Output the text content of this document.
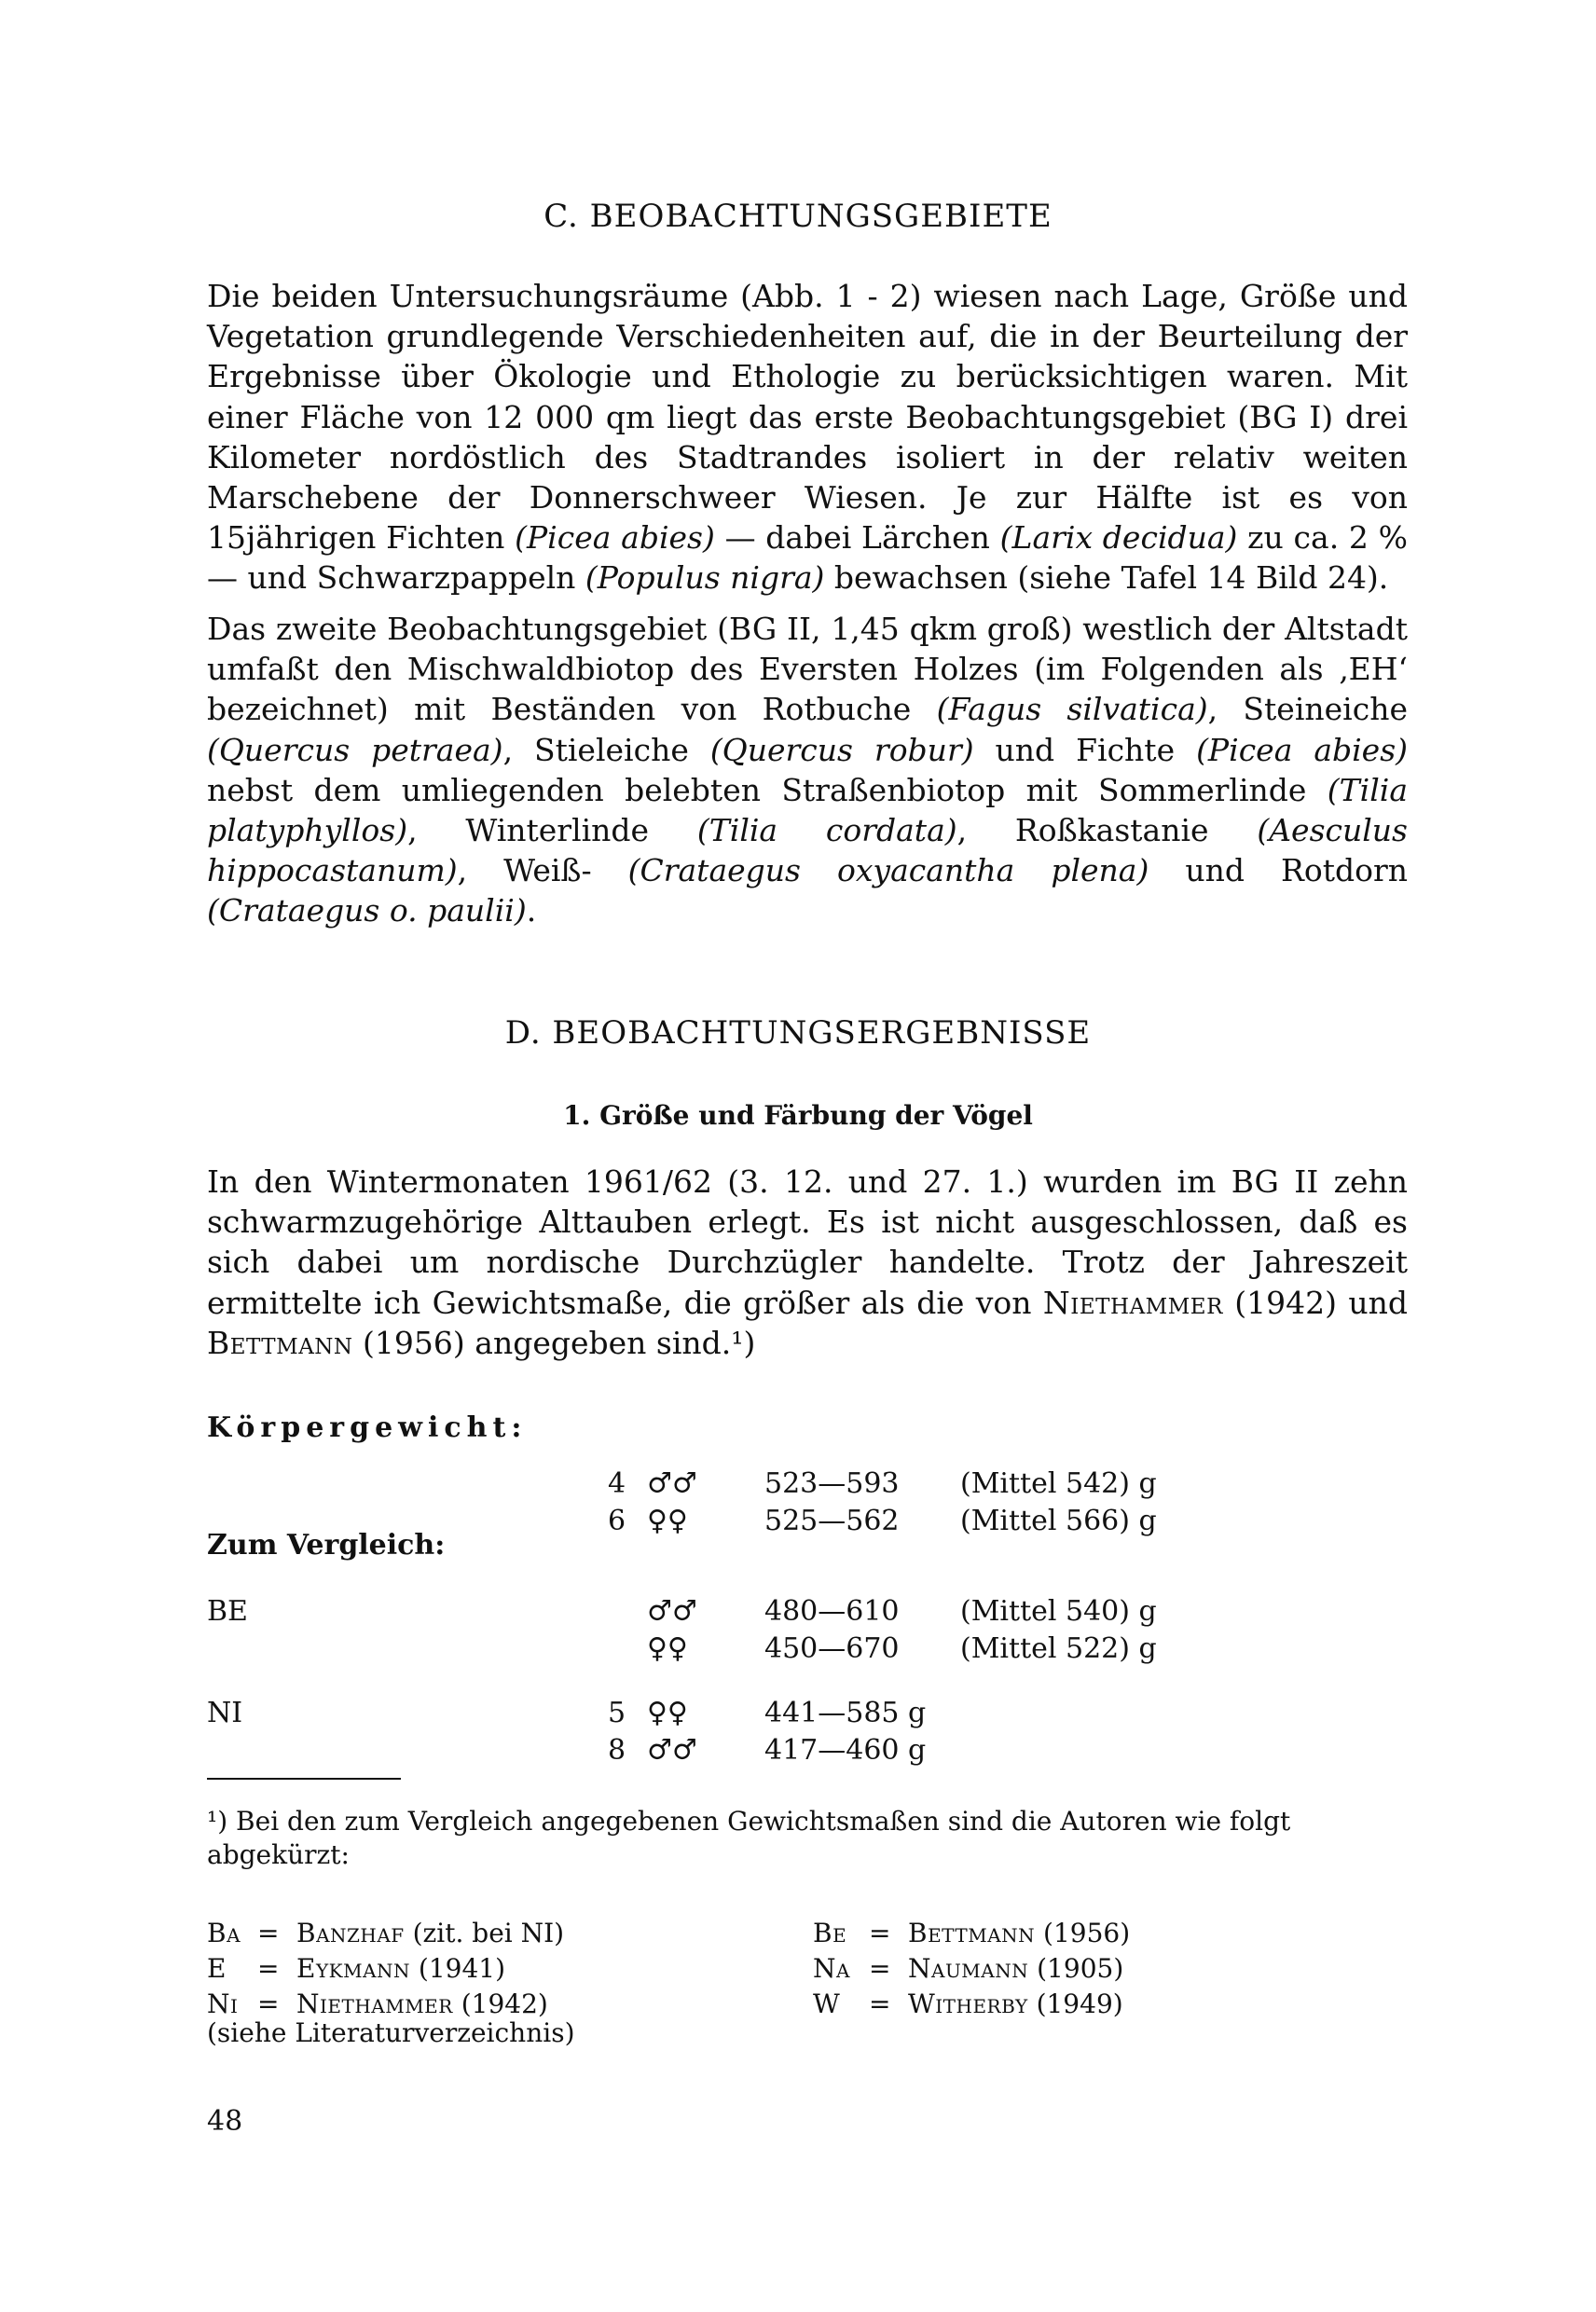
C. BEOBACHTUNGSGEBIETE

Die beiden Untersuchungsräume (Abb. 1 - 2) wiesen nach Lage, Größe und Vegetation grundlegende Verschiedenheiten auf, die in der Beurteilung der Ergebnisse über Ökologie und Ethologie zu berücksichtigen waren. Mit einer Fläche von 12 000 qm liegt das erste Beobachtungsgebiet (BG I) drei Kilometer nordöstlich des Stadtrandes isoliert in der relativ weiten Marschebene der Donnerschweer Wiesen. Je zur Hälfte ist es von 15jährigen Fichten (Picea abies) — dabei Lärchen (Larix decidua) zu ca. 2 % — und Schwarzpappeln (Populus nigra) bewachsen (siehe Tafel 14 Bild 24).

Das zweite Beobachtungsgebiet (BG II, 1,45 qkm groß) westlich der Altstadt umfaßt den Mischwaldbiotop des Eversten Holzes (im Folgenden als ‚EH‘ bezeichnet) mit Beständen von Rotbuche (Fagus silvatica), Steineiche (Quercus petraea), Stieleiche (Quercus robur) und Fichte (Picea abies) nebst dem umliegenden belebten Straßenbiotop mit Sommerlinde (Tilia platyphyllos), Winterlinde (Tilia cordata), Roßkastanie (Aesculus hippocastanum), Weiß- (Crataegus oxyacantha plena) und Rotdorn (Crataegus o. paulii).

D. BEOBACHTUNGSERGEBNISSE
1. Größe und Färbung der Vögel

In den Wintermonaten 1961/62 (3. 12. und 27. 1.) wurden im BG II zehn schwarmzugehörige Alttauben erlegt. Es ist nicht ausgeschlossen, daß es sich dabei um nordische Durchzügler handelte. Trotz der Jahreszeit ermittelte ich Gewichtsmaße, die größer als die von Niethammer (1942) und Bettmann (1956) angegeben sind.¹)

Körpergewicht:
Zum Vergleich:
4 ♂♂ 523—593 (Mittel 542) g
6 ♀♀	525—562 (Mittel 566) g
BE	♂♂ 480—610 (Mittel 540) g
♀♀	450—670 (Mittel 522) g
NI	5 ♀♀	441—585 g
8 ♂♂ 417—460 g
¹) Bei den zum Vergleich angegebenen Gewichtsmaßen sind die Autoren wie folgt abgekürzt:
Ba = Banzhaf (zit. bei NI)
E = Eykmann (1941)
Ni = Niethammer (1942)
Be = Bettmann (1956)
Na = Naumann (1905)
W = Witherby (1949)
(siehe Literaturverzeichnis)
48
